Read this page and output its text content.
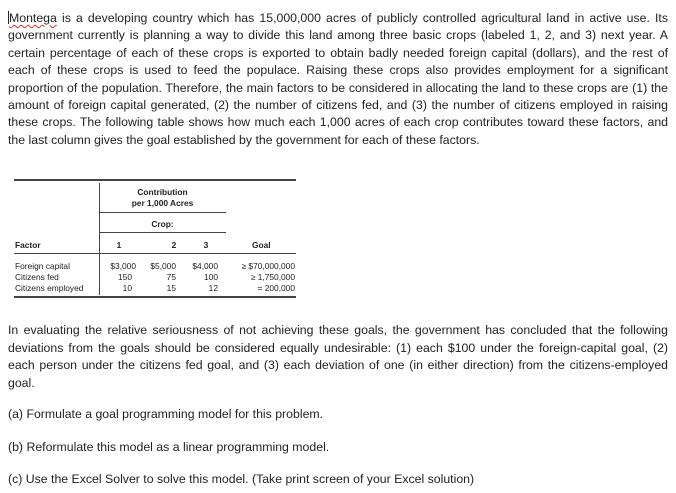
Montega is a developing country which has 15,000,000 acres of publicly controlled agricultural land in active use. Its government currently is planning a way to divide this land among three basic crops (labeled 1, 2, and 3) next year. A certain percentage of each of these crops is exported to obtain badly needed foreign capital (dollars), and the rest of each of these crops is used to feed the populace. Raising these crops also provides employment for a significant proportion of the population. Therefore, the main factors to be considered in allocating the land to these crops are (1) the amount of foreign capital generated, (2) the number of citizens fed, and (3) the number of citizens employed in raising these crops. The following table shows how much each 1,000 acres of each crop contributes toward these factors, and the last column gives the goal established by the government for each of these factors.

Contribution
per 1,000 Acres
Crop:
Factor	1	2	3	Goal
Foreign capital	$3,000	$5,000	$4,000	≥ $70,000,000
Citizens fed	150	75	100	≥ 1,750,000
Citizens employed	10	15	12	= 200,000

In evaluating the relative seriousness of not achieving these goals, the government has concluded that the following deviations from the goals should be considered equally undesirable: (1) each $100 under the foreign-capital goal, (2) each person under the citizens fed goal, and (3) each deviation of one (in either direction) from the citizens-employed goal.

(a) Formulate a goal programming model for this problem.

(b) Reformulate this model as a linear programming model.

(c) Use the Excel Solver to solve this model. (Take print screen of your Excel solution)
